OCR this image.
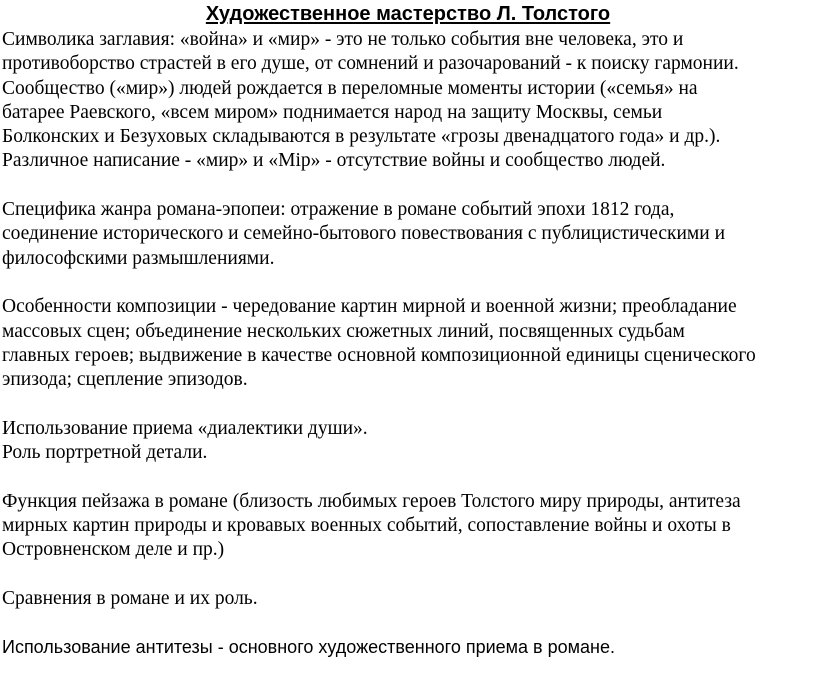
Художественное мастерство Л. Толстого

Символика заглавия: «война» и «мир» - это не только события вне человека, это и
противоборство страстей в его душе, от сомнений и разочарований - к поиску гармонии.
Сообщество («мир») людей рождается в переломные моменты истории («семья» на
батарее Раевского, «всем миром» поднимается народ на защиту Москвы, семьи
Болконских и Безуховых складываются в результате «грозы двенадцатого года» и др.).
Различное написание - «мир» и «Mip» - отсутствие войны и сообщество людей.

Специфика жанра романа-эпопеи: отражение в романе событий эпохи 1812 года,
соединение исторического и семейно-бытового повествования с публицистическими и
философскими размышлениями.

Особенности композиции - чередование картин мирной и военной жизни; преобладание
массовых сцен; объединение нескольких сюжетных линий, посвященных судьбам
главных героев; выдвижение в качестве основной композиционной единицы сценического
эпизода; сцепление эпизодов.

Использование приема «диалектики души».
Роль портретной детали.

Функция пейзажа в романе (близость любимых героев Толстого миру природы, антитеза
мирных картин природы и кровавых военных событий, сопоставление войны и охоты в
Островненском деле и пр.)

Сравнения в романе и их роль.

Использование антитезы - основного художественного приема в романе.
